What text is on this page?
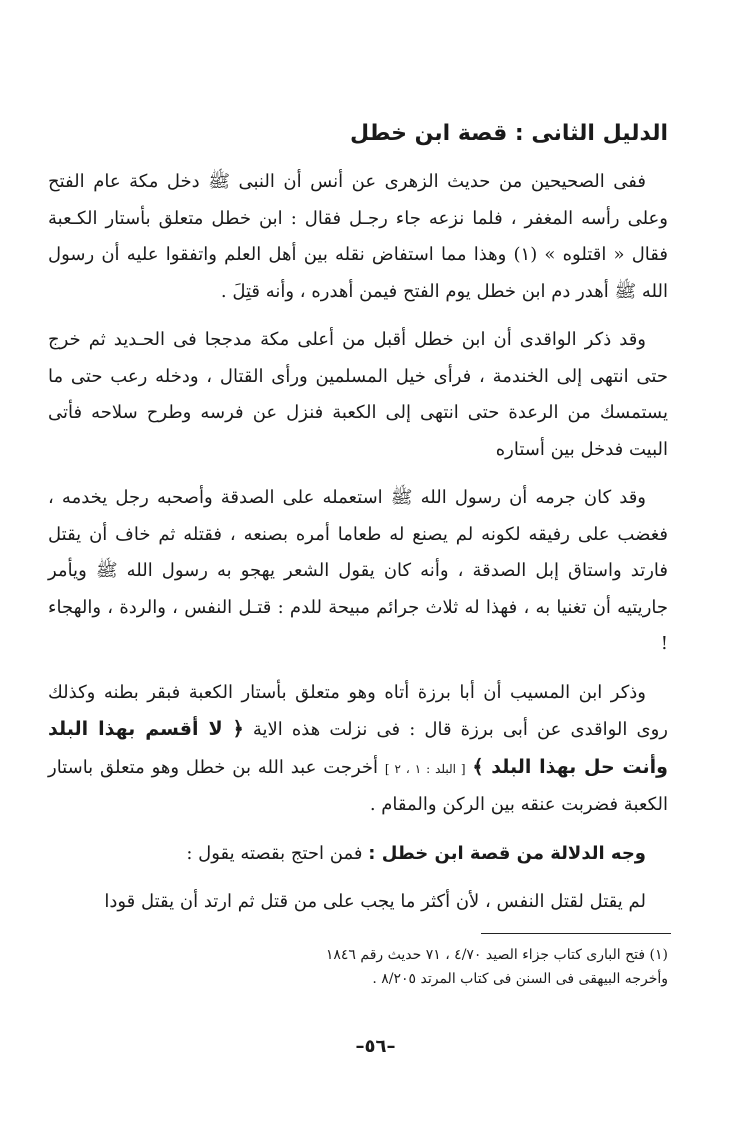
الدليل الثانى : قصة ابن خطل

ففى الصحيحين من حديث الزهرى عن أنس أن النبى ﷺ دخل مكة عام الفتح وعلى رأسه المغفر ، فلما نزعه جاء رجـل فقال : ابن خطل متعلق بأستار الكـعبة فقال « اقتلوه » (١) وهذا مما استفاض نقله بين أهل العلم واتفقوا عليه أن رسول الله ﷺ أهدر دم ابن خطل يوم الفتح فيمن أهدره ، وأنه قتِلَ .

وقد ذكر الواقدى أن ابن خطل أقبل من أعلى مكة مدججا فى الحـديد ثم خرج حتى انتهى إلى الخندمة ، فرأى خيل المسلمين ورأى القتال ، ودخله رعب حتى ما يستمسك من الرعدة حتى انتهى إلى الكعبة فنزل عن فرسه وطرح سلاحه فأتى البيت فدخل بين أستاره

وقد كان جرمه أن رسول الله ﷺ استعمله على الصدقة وأصحبه رجل يخدمه ، فغضب على رفيقه لكونه لم يصنع له طعاما أمره بصنعه ، فقتله ثم خاف أن يقتل فارتد واستاق إبل الصدقة ، وأنه كان يقول الشعر يهجو به رسول الله ﷺ ويأمر جاريتيه أن تغنيا به ، فهذا له ثلاث جرائم مبيحة للدم : قتـل النفس ، والردة ، والهجاء !

وذكر ابن المسيب أن أبا برزة أتاه وهو متعلق بأستار الكعبة فبقر بطنه وكذلك روى الواقدى عن أبى برزة قال : فى نزلت هذه الاية ﴿ لا أقسم بهذا البلد وأنت حل بهذا البلد ﴾ [ البلد : ١ ، ٢ ] أخرجت عبد الله بن خطل وهو متعلق باستار الكعبة فضربت عنقه بين الركن والمقام .

وجه الدلالة من قصة ابن خطل : فمن احتج بقصته يقول :

لم يقتل لقتل النفس ، لأن أكثر ما يجب على من قتل ثم ارتد أن يقتل قودا

(١) فتح البارى كتاب جزاء الصيد ٤/٧٠ ، ٧١ حديث رقم ١٨٤٦
وأخرجه البيهقى فى السنن فى كتاب المرتد ٨/٢٠٥ .
–٥٦–
